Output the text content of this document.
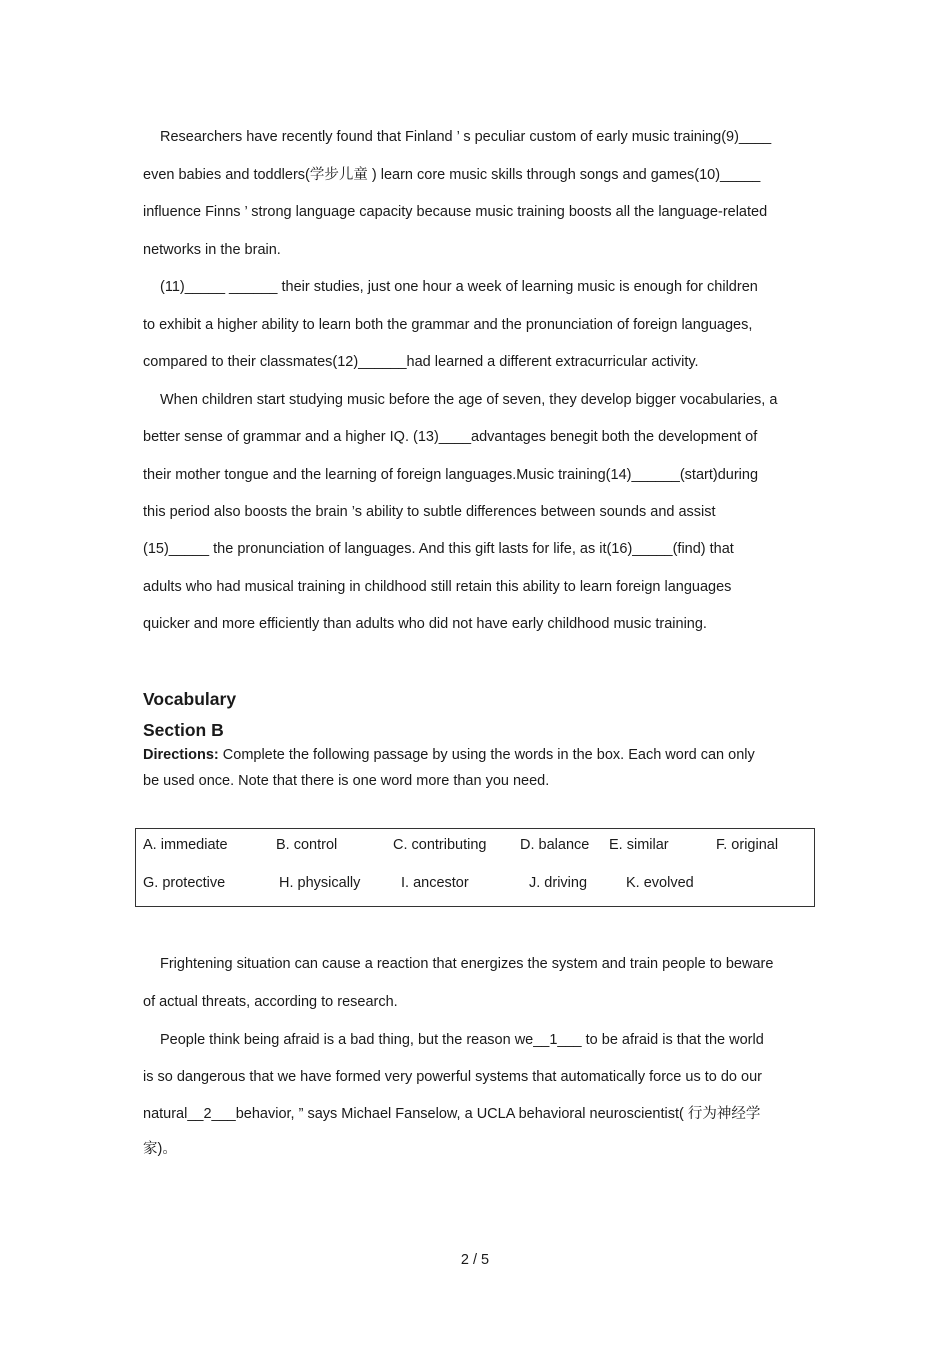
Researchers have recently found that Finland ’ s peculiar custom of early music training(9)____
even babies and toddlers(学步儿童 ) learn core music skills through songs and games(10)_____
influence Finns ’ strong language capacity because music training boosts all the language-related
networks in the brain.
(11)_____ ______ their studies, just one hour a week of learning music is enough for children
to exhibit a higher ability to learn both the grammar and the pronunciation of foreign languages,
compared to their classmates(12)______had learned a different extracurricular activity.
When children start studying music before the age of seven, they develop bigger vocabularies, a
better sense of grammar and a higher IQ. (13)____advantages benegit both the development of
their mother tongue and the learning of foreign languages.Music training(14)______(start)during
this period also boosts the brain ’s ability to subtle differences between sounds and assist
(15)_____ the pronunciation of languages. And this gift lasts for life, as it(16)_____(find) that
adults who had musical training in childhood still retain this ability to learn foreign languages
quicker and more efficiently than adults who did not have early childhood music training.
Vocabulary
Section B
Directions: Complete the following passage by using the words in the box. Each word can only
be used once. Note that there is one word more than you need.
A. immediate	B. control	C. contributing D. balance E. similar	F. original
G. protective	H. physically	I. ancestor	J. driving	K. evolved
Frightening situation can cause a reaction that energizes the system and train people to beware
of actual threats, according to research.
People think being afraid is a bad thing, but the reason we__1___ to be afraid is that the world
is so dangerous that we have formed very powerful systems that automatically force us to do our
natural__2___behavior, ” says Michael Fanselow, a UCLA behavioral neuroscientist( 行为神经学
家)。
2 / 5
